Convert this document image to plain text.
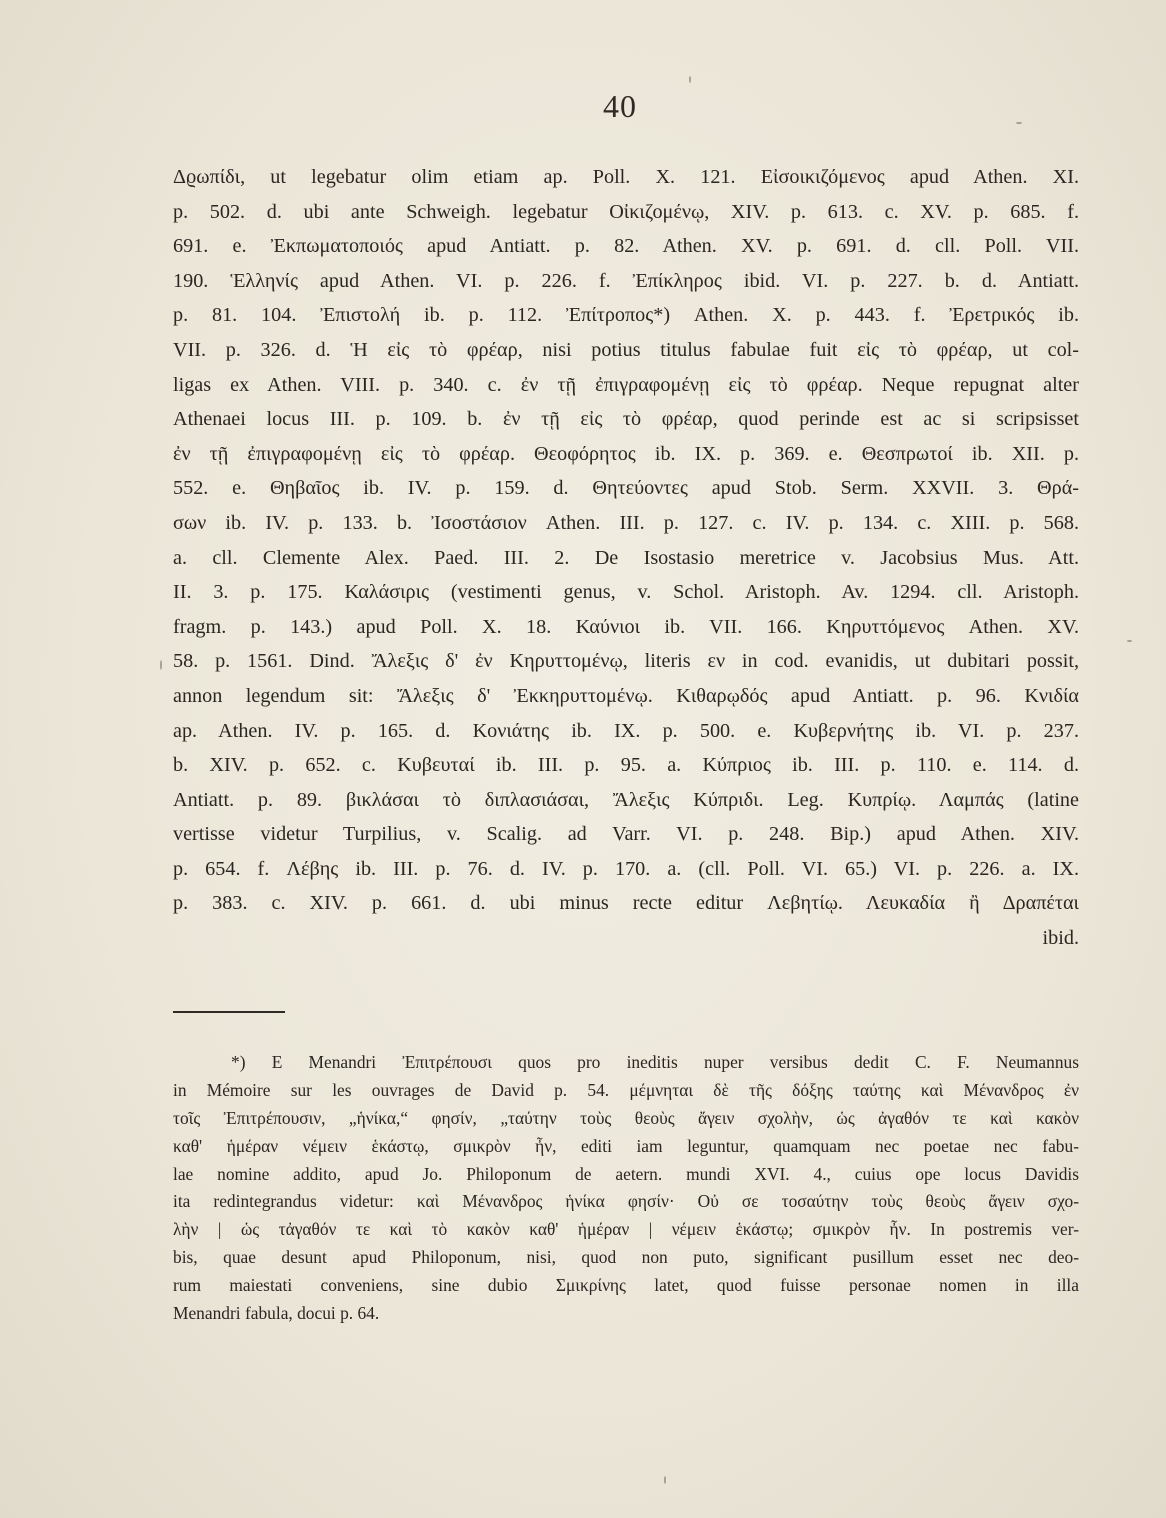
40
Δϱωπίδι, ut legebatur olim etiam ap. Poll. X. 121. Εἰσοικιζόμενος apud Athen. XI.
p. 502. d. ubi ante Schweigh. legebatur Οἰκιζομένῳ, XIV. p. 613. c. XV. p. 685. f.
691. e. Ἐκπωματοποιός apud Antiatt. p. 82. Athen. XV. p. 691. d. cll. Poll. VII.
190. Ἑλληνίς apud Athen. VI. p. 226. f. Ἐπίκληρος ibid. VI. p. 227. b. d. Antiatt.
p. 81. 104. Ἐπιστολή ib. p. 112. Ἐπίτροπος*) Athen. X. p. 443. f. Ἐρετρικός ib.
VII. p. 326. d. Ἡ εἰς τὸ φρέαρ, nisi potius titulus fabulae fuit εἰς τὸ φρέαρ, ut col-
ligas ex Athen. VIII. p. 340. c. ἐν τῇ ἐπιγραφομένῃ εἰς τὸ φρέαρ. Neque repugnat alter
Athenaei locus III. p. 109. b. ἐν τῇ εἰς τὸ φρέαρ, quod perinde est ac si scripsisset
ἐν τῇ ἐπιγραφομένῃ εἰς τὸ φρέαρ. Θεοφόρητος ib. IX. p. 369. e. Θεσπρωτοί ib. XII. p.
552. e. Θηβαῖος ib. IV. p. 159. d. Θητεύοντες apud Stob. Serm. XXVII. 3. Θρά-
σων ib. IV. p. 133. b. Ἰσοστάσιον Athen. III. p. 127. c. IV. p. 134. c. XIII. p. 568.
a. cll. Clemente Alex. Paed. III. 2. De Isostasio meretrice v. Jacobsius Mus. Att.
II. 3. p. 175. Καλάσιρις (vestimenti genus, v. Schol. Aristoph. Av. 1294. cll. Aristoph.
fragm. p. 143.) apud Poll. X. 18. Καύνιοι ib. VII. 166. Κηρυττόμενος Athen. XV.
58. p. 1561. Dind. Ἄλεξις δ' ἐν Κηρυττομένῳ, literis εν in cod. evanidis, ut dubitari possit,
annon legendum sit: Ἄλεξις δ' Ἐκκηρυττομένῳ. Κιθαρῳδός apud Antiatt. p. 96. Κνιδία
ap. Athen. IV. p. 165. d. Κονιάτης ib. IX. p. 500. e. Κυβερνήτης ib. VI. p. 237.
b. XIV. p. 652. c. Κυβευταί ib. III. p. 95. a. Κύπριος ib. III. p. 110. e. 114. d.
Antiatt. p. 89. βικλάσαι τὸ διπλασιάσαι, Ἄλεξις Κύπριδι. Leg. Κυπρίῳ. Λαμπάς (latine
vertisse videtur Turpilius, v. Scalig. ad Varr. VI. p. 248. Bip.) apud Athen. XIV.
p. 654. f. Λέβης ib. III. p. 76. d. IV. p. 170. a. (cll. Poll. VI. 65.) VI. p. 226. a. IX.
p. 383. c. XIV. p. 661. d. ubi minus recte editur Λεβητίῳ. Λευκαδία ἢ Δραπέται
ibid.
*) E Menandri Ἐπιτρέπουσι quos pro ineditis nuper versibus dedit C. F. Neumannus
in Mémoire sur les ouvrages de David p. 54. μέμνηται δὲ τῆς δόξης ταύτης καὶ Μένανδρος ἐν
τοῖς Ἐπιτρέπουσιν, „ἡνίκα,“ φησίν, „ταύτην τοὺς θεοὺς ἄγειν σχολὴν, ὡς ἀγαθόν τε καὶ κακὸν
καθ' ἡμέραν νέμειν ἑκάστῳ, σμικρὸν ἦν, editi iam leguntur, quamquam nec poetae nec fabu-
lae nomine addito, apud Jo. Philoponum de aetern. mundi XVI. 4., cuius ope locus Davidis
ita redintegrandus videtur: καὶ Μένανδρος ἡνίκα φησίν· Οὐ σε τοσαύτην τοὺς θεοὺς ἄγειν σχο-
λὴν | ὡς τἀγαθόν τε καὶ τὸ κακὸν καθ' ἡμέραν | νέμειν ἑκάστῳ; σμικρὸν ἦν. In postremis ver-
bis, quae desunt apud Philoponum, nisi, quod non puto, significant pusillum esset nec deo-
rum maiestati conveniens, sine dubio Σμικρίνης latet, quod fuisse personae nomen in illa
Menandri fabula, docui p. 64.
